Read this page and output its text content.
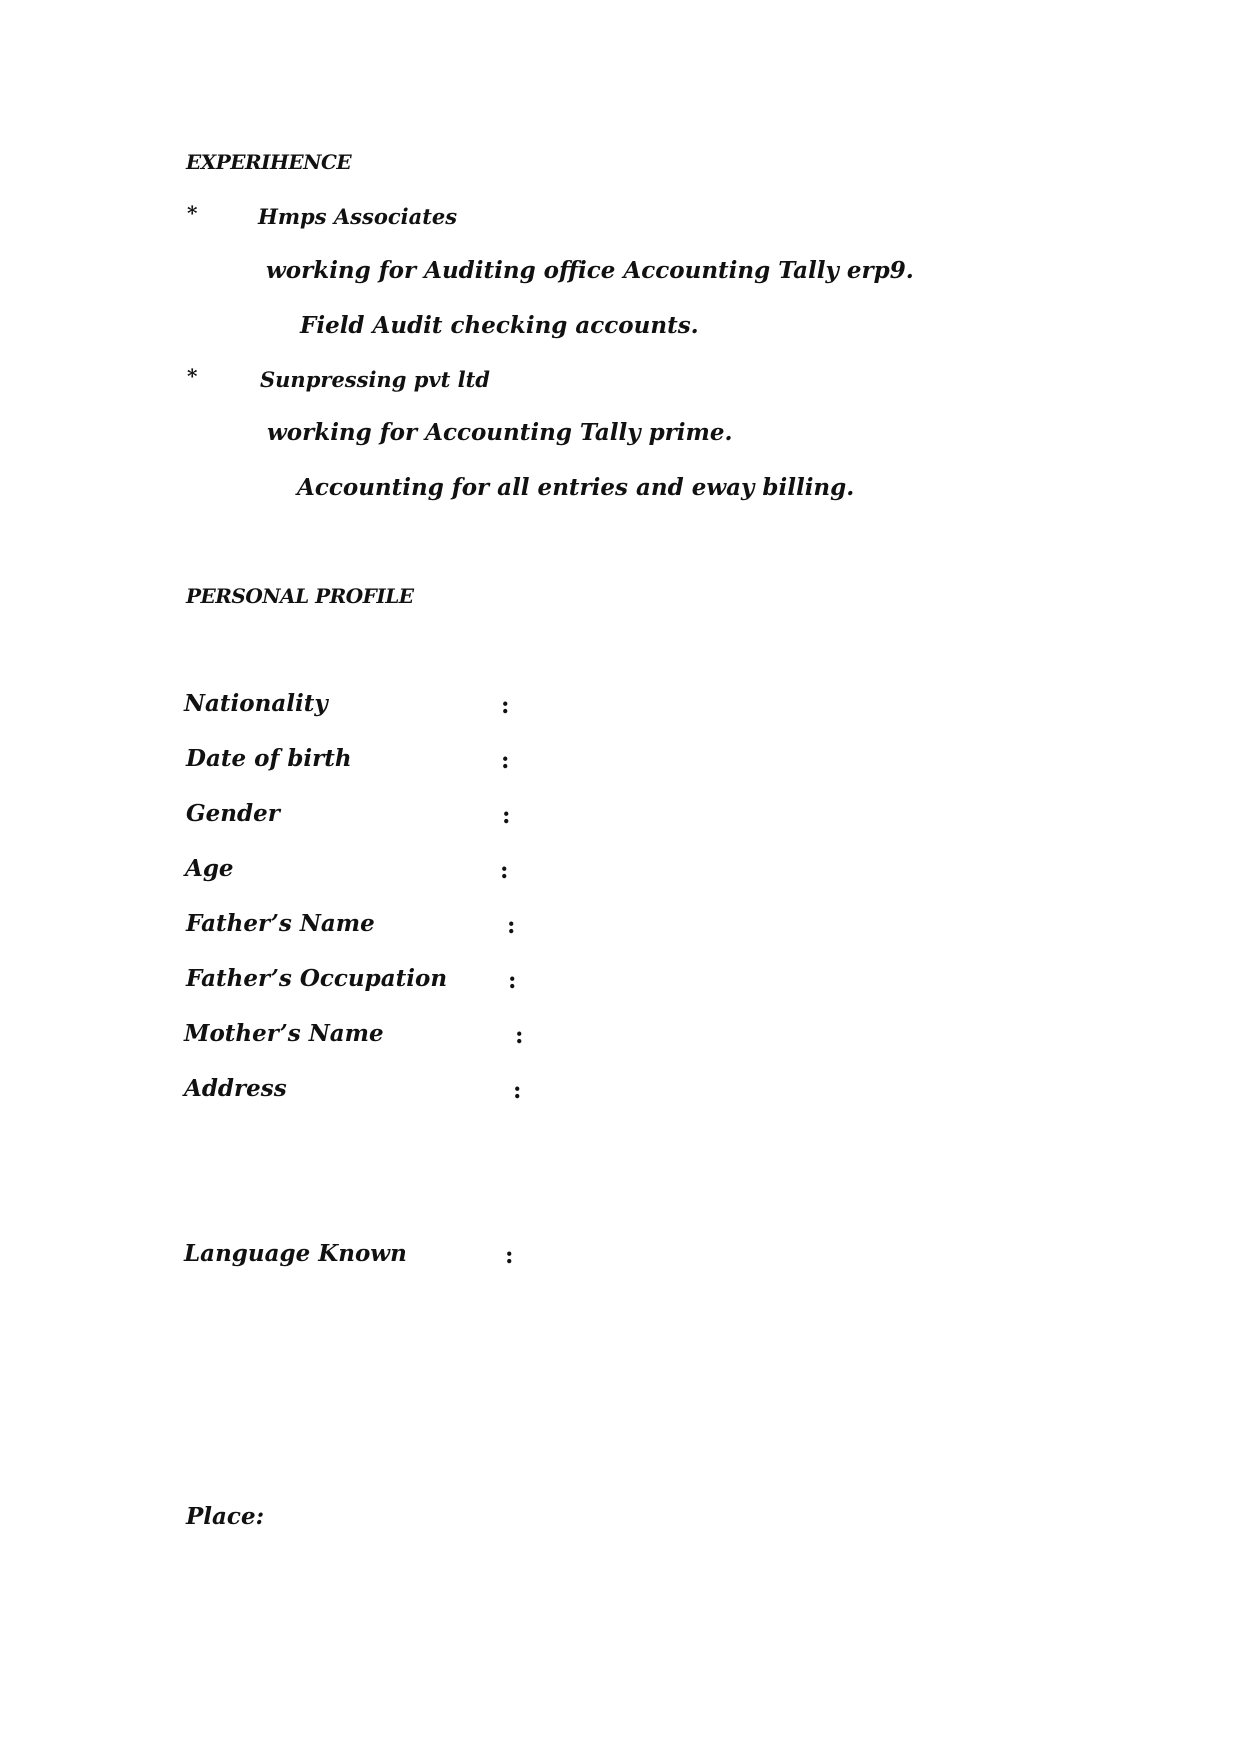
EXPERIHENCE
*	Hmps Associates
working for Auditing office Accounting Tally erp9.
Field Audit checking accounts.
*	Sunpressing pvt ltd
working for Accounting Tally prime.
Accounting for all entries and eway billing.
PERSONAL PROFILE
Nationality	:
Date of birth	:
Gender	:
Age	:
Father’s Name	:
Father’s Occupation	:
Mother’s Name	:
Address	:
Language Known	:
Place:
